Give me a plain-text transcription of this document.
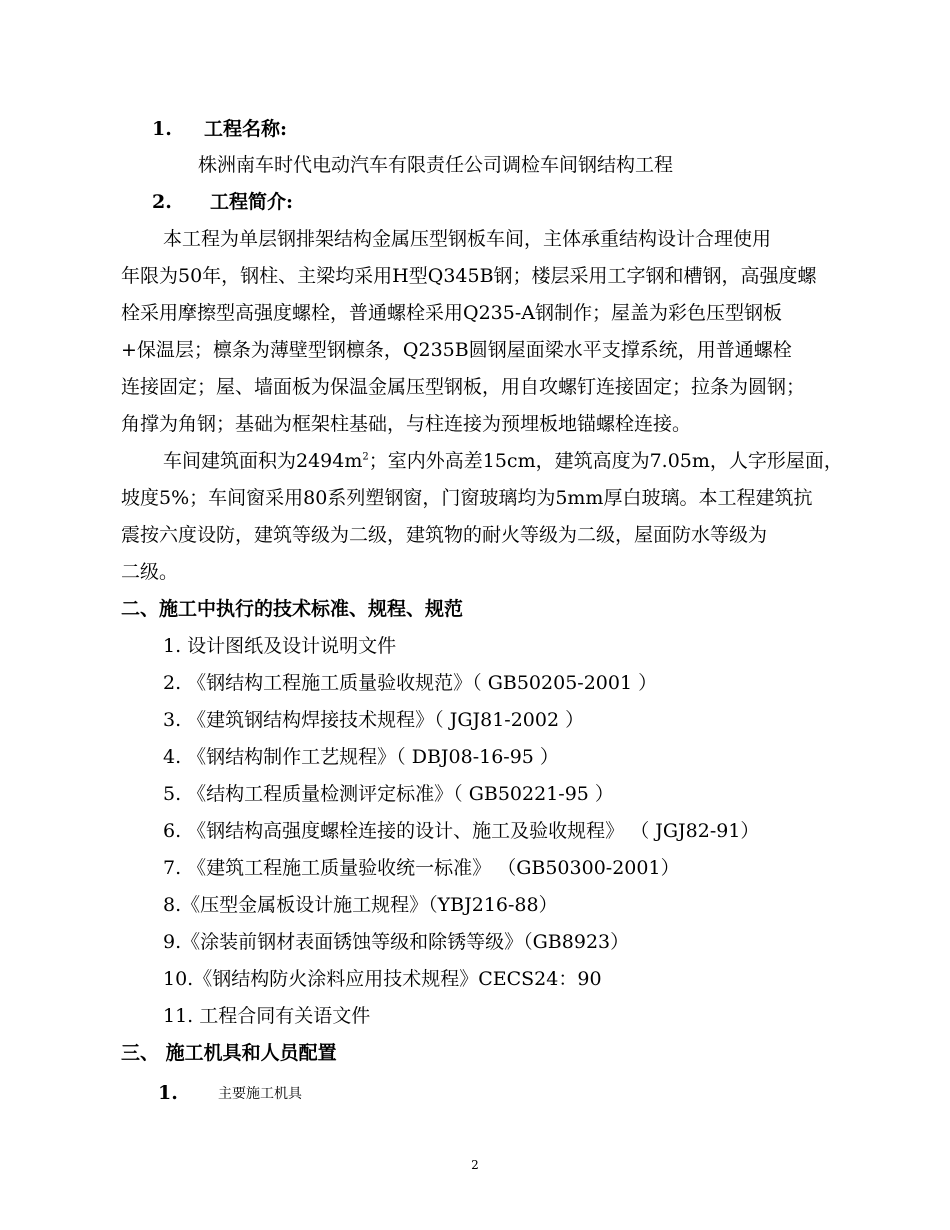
1. 工程名称:
株洲南车时代电动汽车有限责任公司调检车间钢结构工程
2. 工程简介:
本工程为单层钢排架结构金属压型钢板车间，主体承重结构设计合理使用
年限为50年，钢柱、主梁均采用H型Q345B钢；楼层采用工字钢和槽钢，高强度螺
栓采用摩擦型高强度螺栓，普通螺栓采用Q235-A钢制作；屋盖为彩色压型钢板
+保温层；檩条为薄壁型钢檩条，Q235B圆钢屋面梁水平支撑系统，用普通螺栓
连接固定；屋、墙面板为保温金属压型钢板，用自攻螺钉连接固定；拉条为圆钢；
角撑为角钢；基础为框架柱基础，与柱连接为预埋板地锚螺栓连接。
车间建筑面积为$2494m^2$；室内外高差15cm，建筑高度为7.05m，人字形屋面，
坡度5%；车间窗采用80系列塑钢窗，门窗玻璃均为5mm厚白玻璃。本工程建筑抗
震按六度设防，建筑等级为二级，建筑物的耐火等级为二级，屋面防水等级为
二级。
二、施工中执行的技术标准、规程、规范
1. 设计图纸及设计说明文件
2. 《钢结构工程施工质量验收规范》（ GB50205-2001 ）
3. 《建筑钢结构焊接技术规程》（ JGJ81-2002 ）
4. 《钢结构制作工艺规程》（ DBJ08-16-95 ）
5. 《结构工程质量检测评定标准》（ GB50221-95 ）
6. 《钢结构高强度螺栓连接的设计、施工及验收规程》 （ JGJ82-91）
7. 《建筑工程施工质量验收统一标准》 （GB50300-2001）
8.《压型金属板设计施工规程》（YBJ216-88）
9.《涂装前钢材表面锈蚀等级和除锈等级》（GB8923）
10.《钢结构防火涂料应用技术规程》CECS24：90
11. 工程合同有关语文件
三、 施工机具和人员配置
1.	主要施工机具
2
